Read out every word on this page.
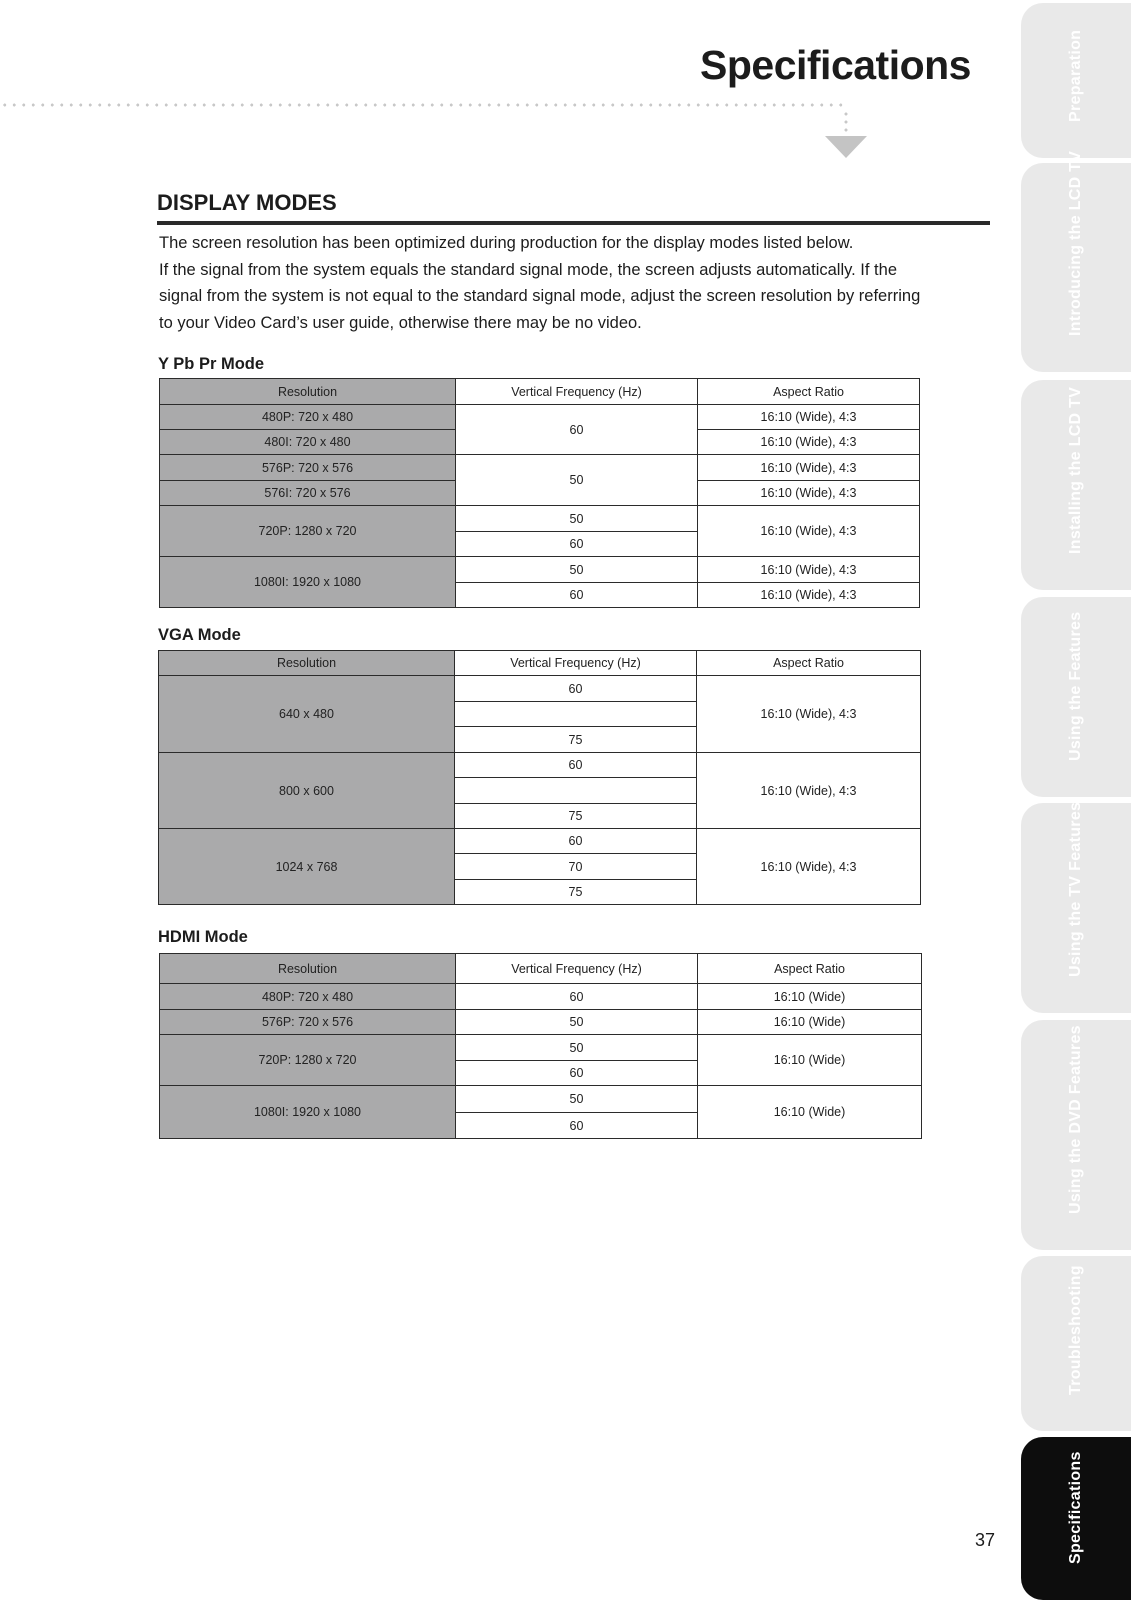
Specifications
DISPLAY MODES

The screen resolution has been optimized during production for the display modes listed below.

If the signal from the system equals the standard signal mode, the screen adjusts automatically. If the

signal from the system is not equal to the standard signal mode, adjust the screen resolution by referring

to your Video Card’s user guide, otherwise there may be no video.

Y Pb Pr Mode
Resolution	Vertical Frequency (Hz)	Aspect Ratio
480P: 720 x 480	60	16:10 (Wide), 4:3
480I: 720 x 480		16:10 (Wide), 4:3
576P: 720 x 576	50	16:10 (Wide), 4:3
576I: 720 x 576		16:10 (Wide), 4:3
720P: 1280 x 720	50	16:10 (Wide), 4:3
	60	
1080I: 1920 x 1080	50	16:10 (Wide), 4:3
	60	16:10 (Wide), 4:3
VGA Mode
Resolution	Vertical Frequency (Hz)	Aspect Ratio
640 x 480	60	16:10 (Wide), 4:3

	75	
800 x 600	60	16:10 (Wide), 4:3

	75	
1024 x 768	60	16:10 (Wide), 4:3
	70	
	75	
HDMI Mode
Resolution	Vertical Frequency (Hz)	Aspect Ratio
480P: 720 x 480	60	16:10 (Wide)
576P: 720 x 576	50	16:10 (Wide)
720P: 1280 x 720	50	16:10 (Wide)
	60	
1080I: 1920 x 1080	50	16:10 (Wide)
	60	
Preparation
Introducing the LCD TV
Installing the LCD TV
Using the Features
Using the TV Features
Using the DVD Features
Troubleshooting
Specifications
37
